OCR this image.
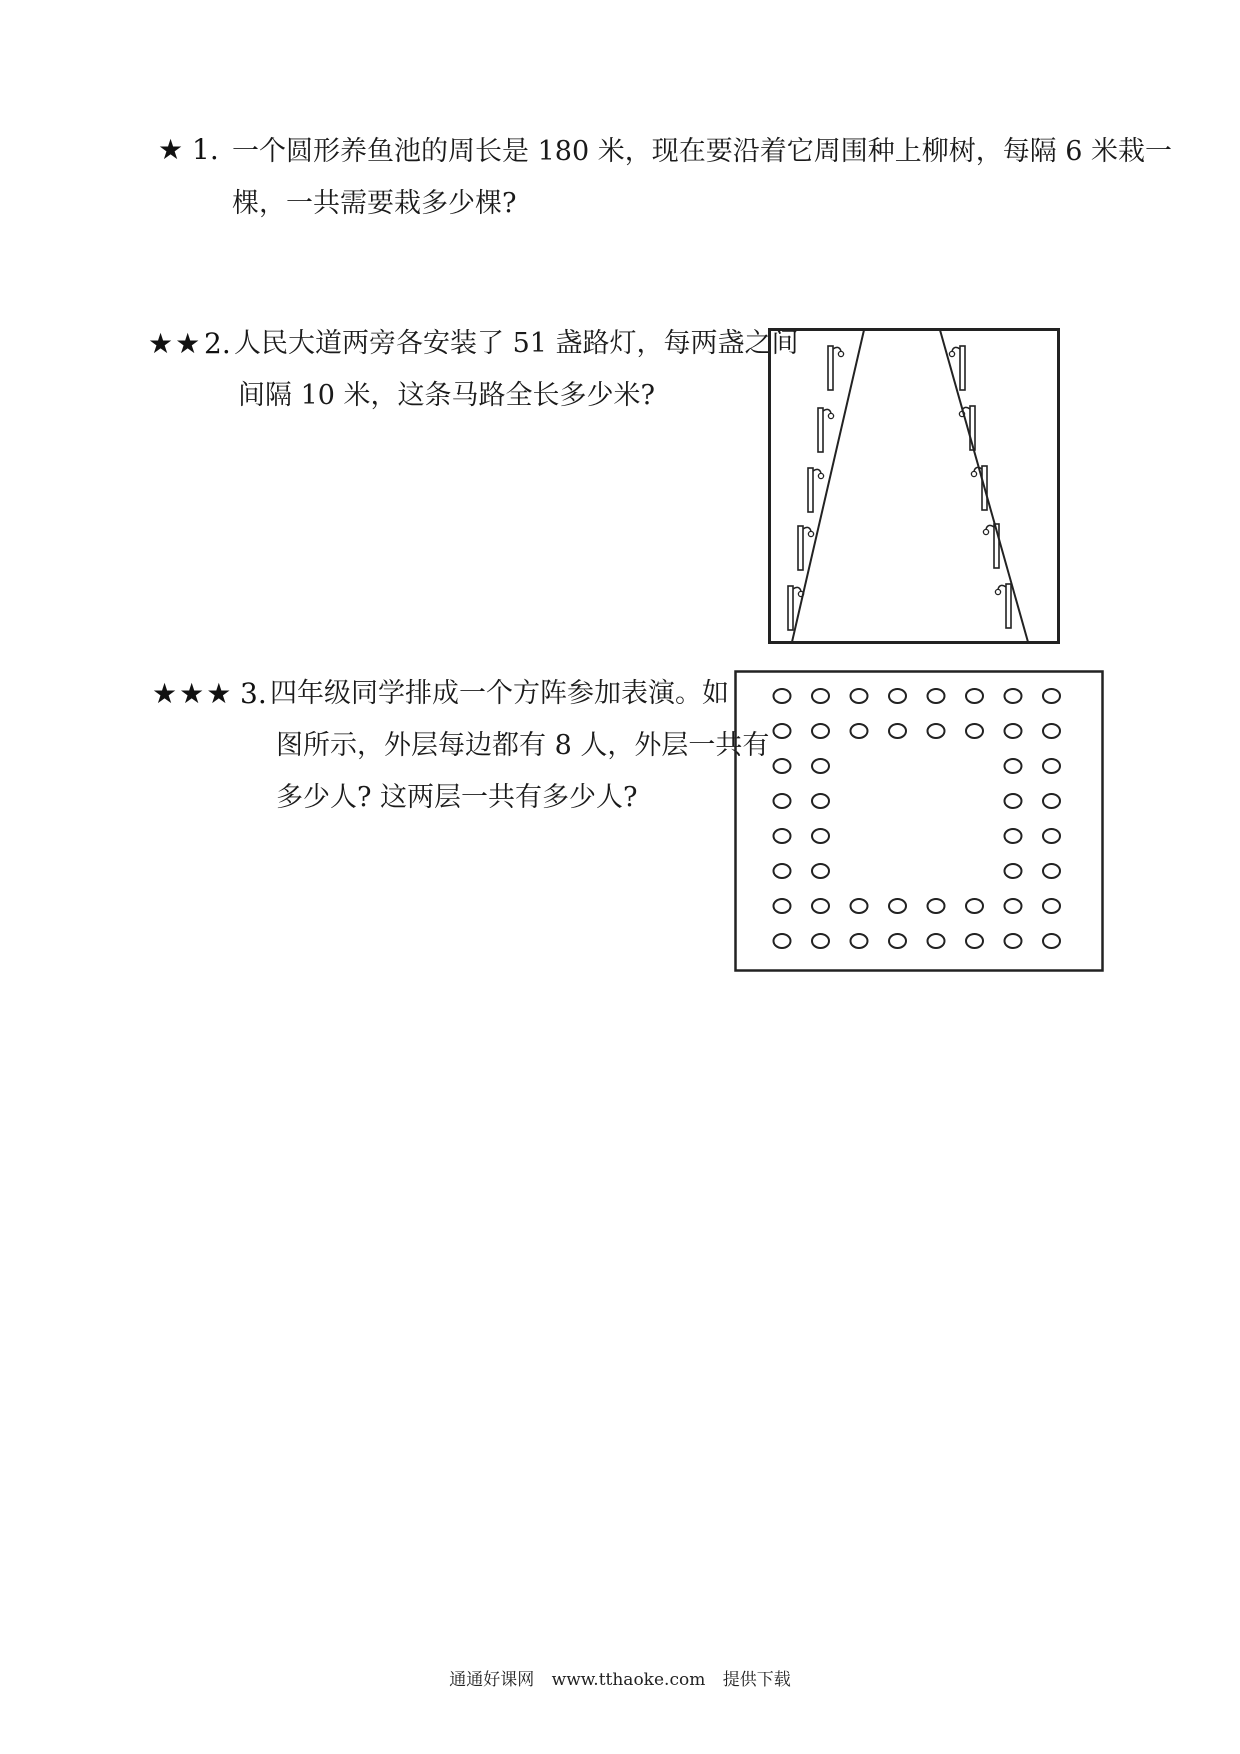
★ 1. 一个圆形养鱼池的周长是 180 米，现在要沿着它周围种上柳树，每隔 6 米栽一
棵，一共需要栽多少棵?
★★ 2. 人民大道两旁各安装了 51 盏路灯，每两盏之间
间隔 10 米，这条马路全长多少米?
★★★ 3. 四年级同学排成一个方阵参加表演。如
图所示，外层每边都有 8 人，外层一共有
多少人? 这两层一共有多少人?
通通好课网 www.tthaoke.com 提供下载
